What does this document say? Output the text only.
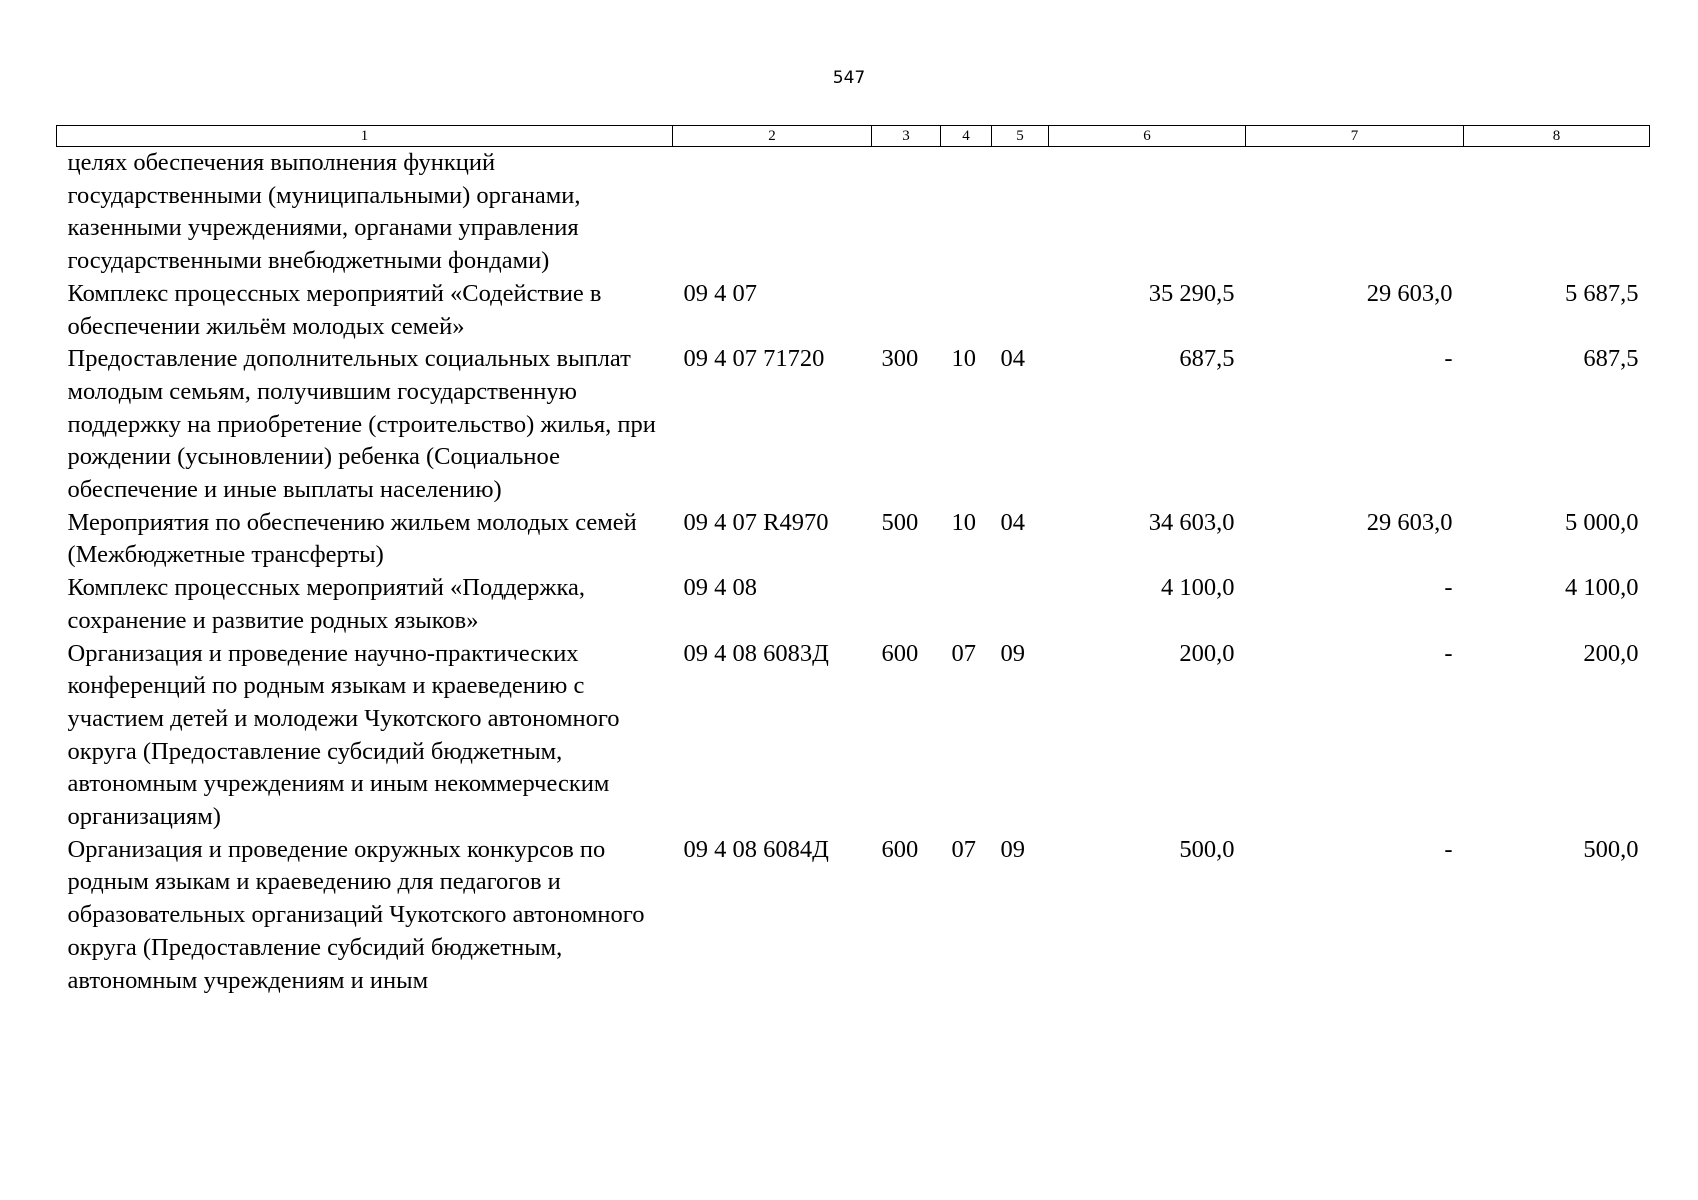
547
1	2	3	4	5	6	7	8
целях обеспечения выполнения функций государственными (муниципальными) органами, казенными учреждениями, органами управления государственными внебюджетными фондами)							
Комплекс процессных мероприятий «Содействие в обеспечении жильём молодых семей»	09 4 07				35 290,5	29 603,0	5 687,5
Предоставление дополнительных социальных выплат молодым семьям, получившим государственную поддержку на приобретение (строительство) жилья, при рождении (усыновлении) ребенка (Социальное обеспечение и иные выплаты населению)	09 4 07 71720	300	10	04	687,5	-	687,5
Мероприятия по обеспечению жильем молодых семей (Межбюджетные трансферты)	09 4 07 R4970	500	10	04	34 603,0	29 603,0	5 000,0
Комплекс процессных мероприятий «Поддержка, сохранение и развитие родных языков»	09 4 08				4 100,0	-	4 100,0
Организация и проведение научно-практических конференций по родным языкам и краеведению с участием детей и молодежи Чукотского автономного округа (Предоставление субсидий бюджетным, автономным учреждениям и иным некоммерческим организациям)	09 4 08 6083Д	600	07	09	200,0	-	200,0
Организация и проведение окружных конкурсов по родным языкам и краеведению для педагогов и образовательных организаций Чукотского автономного округа (Предоставление субсидий бюджетным, автономным учреждениям и иным	09 4 08 6084Д	600	07	09	500,0	-	500,0
